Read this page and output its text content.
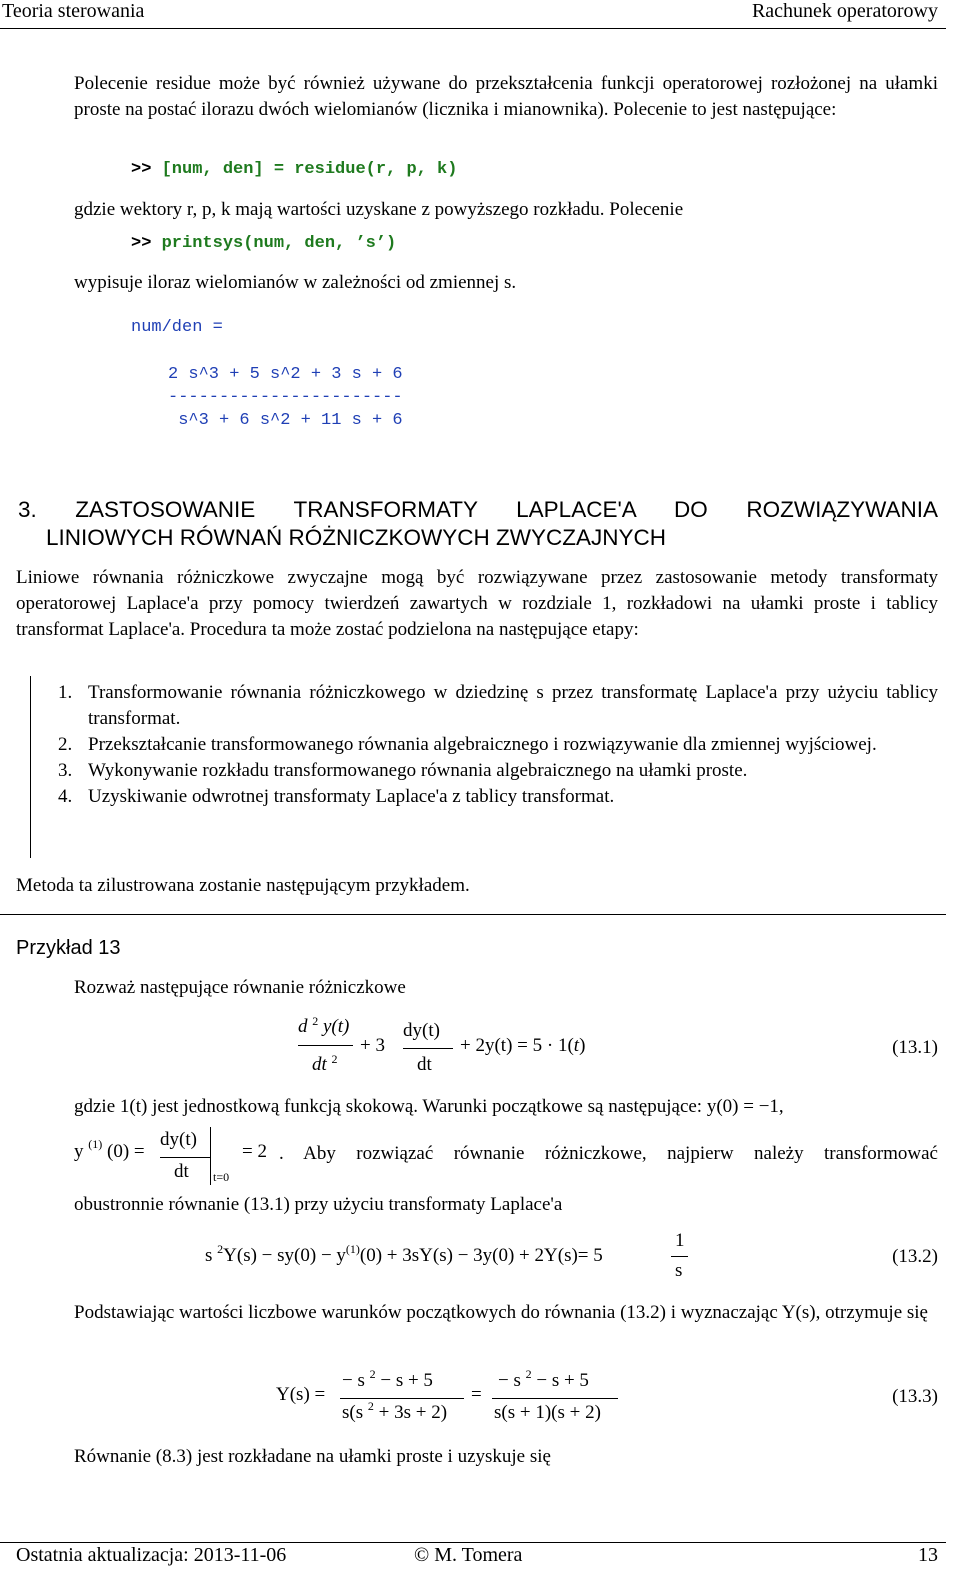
Teoria sterowania	Rachunek operatorowy
Polecenie residue może być również używane do przekształcenia funkcji operatorowej rozłożonej na ułamki proste na postać ilorazu dwóch wielomianów (licznika i mianownika). Polecenie to jest następujące:
>> [num, den] = residue(r, p, k)
gdzie wektory r, p, k mają wartości uzyskane z powyższego rozkładu. Polecenie
>> printsys(num, den, ’s’)
wypisuje iloraz wielomianów w zależności od zmiennej s.
num/den =
2 s^3 + 5 s^2 + 3 s + 6
-----------------------
s^3 + 6 s^2 + 11 s + 6
3. ZASTOSOWANIE TRANSFORMATY LAPLACE'A DO ROZWIĄZYWANIA
LINIOWYCH RÓWNAŃ RÓŻNICZKOWYCH ZWYCZAJNYCH
Liniowe równania różniczkowe zwyczajne mogą być rozwiązywane przez zastosowanie metody transformaty operatorowej Laplace'a przy pomocy twierdzeń zawartych w rozdziale 1, rozkładowi na ułamki proste i tablicy transformat Laplace'a. Procedura ta może zostać podzielona na następujące etapy:
1. Transformowanie równania różniczkowego w dziedzinę s przez transformatę Laplace'a przy użyciu tablicy transformat.
2. Przekształcanie transformowanego równania algebraicznego i rozwiązywanie dla zmiennej wyjściowej.
3. Wykonywanie rozkładu transformowanego równania algebraicznego na ułamki proste.
4. Uzyskiwanie odwrotnej transformaty Laplace'a z tablicy transformat.
Metoda ta zilustrowana zostanie następującym przykładem.
Przykład 13
Rozważ następujące równanie różniczkowe
d $^2$ y(t)
dt $^2$
+ 3
dy(t)
dt
+ 2y(t) = 5 · 1(t)	(13.1)
gdzie 1(t) jest jednostkową funkcją skokową. Warunki początkowe są następujące: y(0) = −1,
y $^{(1)}$ (0) =
dy(t)
dt t=0
= 2 . Aby rozwiązać równanie różniczkowe, najpierw należy transformować
obustronnie równanie (13.1) przy użyciu transformaty Laplace'a
s $^2Y(s) - sy(0) - y^{(1)}(0) + 3sY(s) - 3y(0) + 2Y(s)= 5$
1
s
(13.2)
Podstawiając wartości liczbowe warunków początkowych do równania (13.2) i wyznaczając Y(s), otrzymuje się
Y(s) =
− s $^2$ − s + 5
s(s $^2$ + 3s + 2)
=
− s $^2$ − s + 5
s(s + 1)(s + 2)
(13.3)
Równanie (8.3) jest rozkładane na ułamki proste i uzyskuje się
Ostatnia aktualizacja: 2013-11-06	© M. Tomera	13
